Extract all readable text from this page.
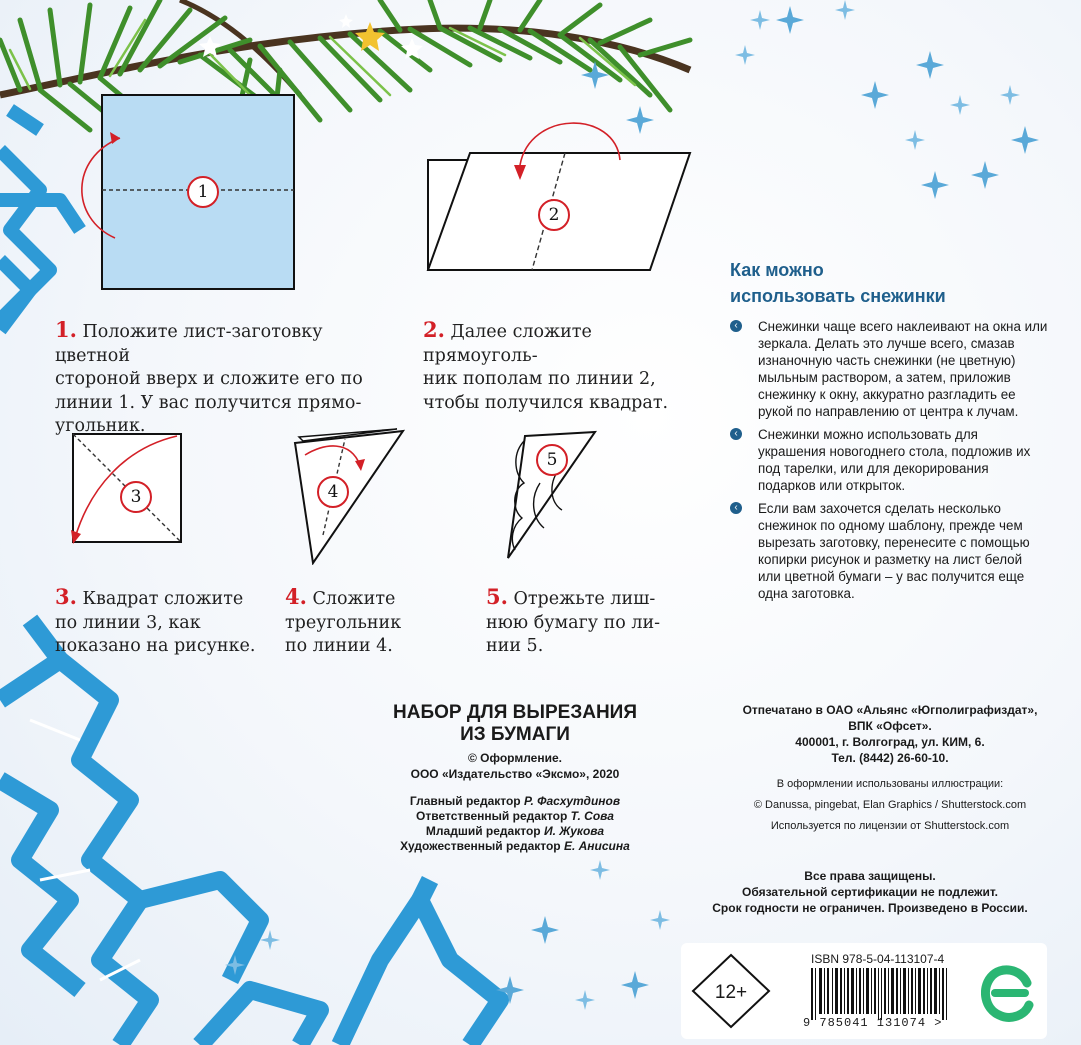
1
2
3	4
5
1. Положите лист-заготовку цветной
стороной вверх и сложите его по
линии 1. У вас получится прямо-
угольник.
2. Далее сложите прямоуголь-
ник пополам по линии 2,
чтобы получился квадрат.
3. Квадрат сложите
по линии 3, как
показано на рисунке.
4. Сложите
треугольник
по линии 4.
5. Отрежьте лиш-
нюю бумагу по ли-
нии 5.
Как можно
использовать снежинки
‹	Снежинки чаще всего наклеивают на окна или зеркала. Делать это лучше всего, смазав изнаночную часть снежинки (не цветную) мыльным раствором, а затем, приложив снежинку к окну, аккуратно разгладить ее рукой по направлению от центра к лучам.
‹	Снежинки можно использовать для украшения новогоднего стола, подложив их под тарелки, или для декорирования подарков или открыток.
‹	Если вам захочется сделать несколько снежинок по одному шаблону, прежде чем вырезать заготовку, перенесите с помощью копирки рисунок и разметку на лист белой или цветной бумаги – у вас получится еще одна заготовка.
НАБОР ДЛЯ ВЫРЕЗАНИЯ
ИЗ БУМАГИ
© Оформление.
ООО «Издательство «Эксмо», 2020
Главный редактор Р. Фасхутдинов
Ответственный редактор Т. Сова
Младший редактор И. Жукова
Художественный редактор Е. Анисина
Отпечатано в ОАО «Альянс «Югполиграфиздат»,
ВПК «Офсет».
400001, г. Волгоград, ул. КИМ, 6.
Тел. (8442) 26-60-10.
В оформлении использованы иллюстрации:
© Danussa, pingebat, Elan Graphics / Shutterstock.com
Используется по лицензии от Shutterstock.com
Все права защищены.
Обязательной сертификации не подлежит.
Срок годности не ограничен. Произведено в России.
12+
ISBN 978-5-04-113107-4
9 785041 131074 >
